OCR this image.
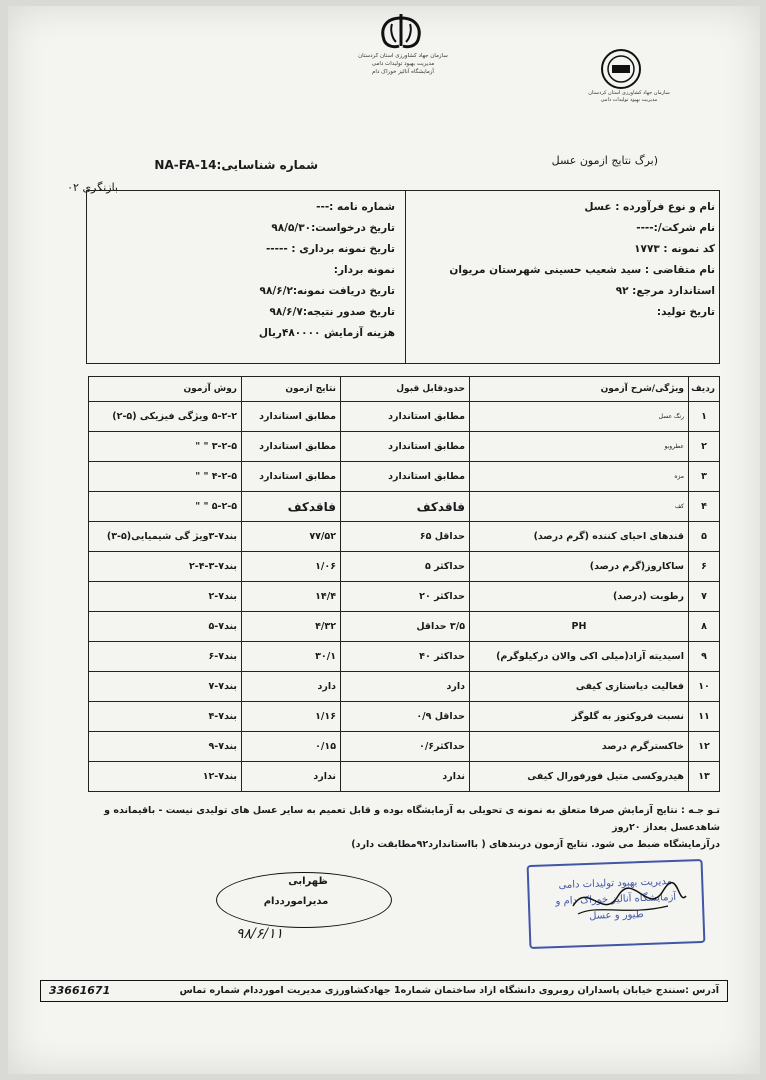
سازمان جهاد کشاورزی استان کردستان
مدیریت بهبود تولیدات دامی
آزمایشگاه آنالیز خوراک دام
سازمان جهاد کشاورزی استان کردستان
مدیریت بهبود تولیدات دامی
(برگ نتایج ازمون عسل
شماره شناسایی:NA-FA-14
بازنگری ۰۲
نام و نوع فرآورده : عسل
نام شرکت/:----
کد نمونه : ۱۷۷۳
نام متقاضی : سید شعیب حسینی شهرستان مریوان
استاندارد مرجع: ۹۲
تاریخ تولید:
شماره نامه :---
تاریخ درخواست:۹۸/۵/۳۰
تاریخ نمونه برداری : -----
نمونه بردار:
تاریخ دریافت نمونه:۹۸/۶/۲
تاریخ صدور نتیجه:۹۸/۶/۷
هزینه آزمایش ۴۸۰۰۰۰ریال
ردیف	ویژگی/شرح آزمون	حدودقابل قبول	نتایج ازمون	روش آزمون
۱	رنگ عسل	مطابق استاندارد	مطابق استاندارد	۵-۲-۲ ویژگی فیزیکی (۵-۲)
۲	عطروبو	مطابق استاندارد	مطابق استاندارد	۳-۲-۵ " "
۳	مزه	مطابق استاندارد	مطابق استاندارد	۴-۲-۵ " "
۴	کف	فاقدکف	فاقدکف	۵-۲-۵ " "
۵	قندهای احیای کننده (گرم درصد)	حداقل ۶۵	۷۷/۵۲	بند۷-۳ویژ گی شیمیایی(۵-۳)
۶	ساکاروز(گرم درصد)	حداکثر ۵	۱/۰۶	بند۷-۳-۴-۲
۷	رطوبت (درصد)	حداکثر ۲۰	۱۴/۴	بند۷-۲
۸	PH	۳/۵ حداقل	۴/۳۲	بند۷-۵
۹	اسیدیته آزاد(میلی اکی والان درکیلوگرم)	حداکثر ۴۰	۳۰/۱	بند۷-۶
۱۰	فعالیت دیاستازی کیفی	دارد	دارد	بند۷-۷
۱۱	نسبت فروکتوز به گلوگز	حداقل ۰/۹	۱/۱۶	بند۷-۴
۱۲	خاکسترگرم درصد	حداکثر۰/۶	۰/۱۵	بند۷-۹
۱۳	هیدروکسی متیل فورفورال کیفی	ندارد	ندارد	بند۷-۱۲
تـو جـه : نتایج آزمایش صرفا متعلق به نمونه ی تحویلی به آزمایشگاه بوده و قابل تعمیم به سایر عسل های تولیدی نیست - باقیمانده و شاهدعسل بعداز ۲۰روز
درآزمایشگاه ضبط می شود. نتایج آزمون دربندهای ( بااستاندارد۹۲مطابقت دارد)
مدیریت بهبود تولیدات دامی
آزمایشگاه آنالیز خوراک دام و
طیور و عسل
ظهرابی
مدیرامورددام
۹۸/۶/۱۱
آدرس :سنندج خیابان پاسداران روبروی دانشگاه ازاد ساختمان شماره1 جهادکشاورزی مدیریت امورددام شماره تماس
33661671
